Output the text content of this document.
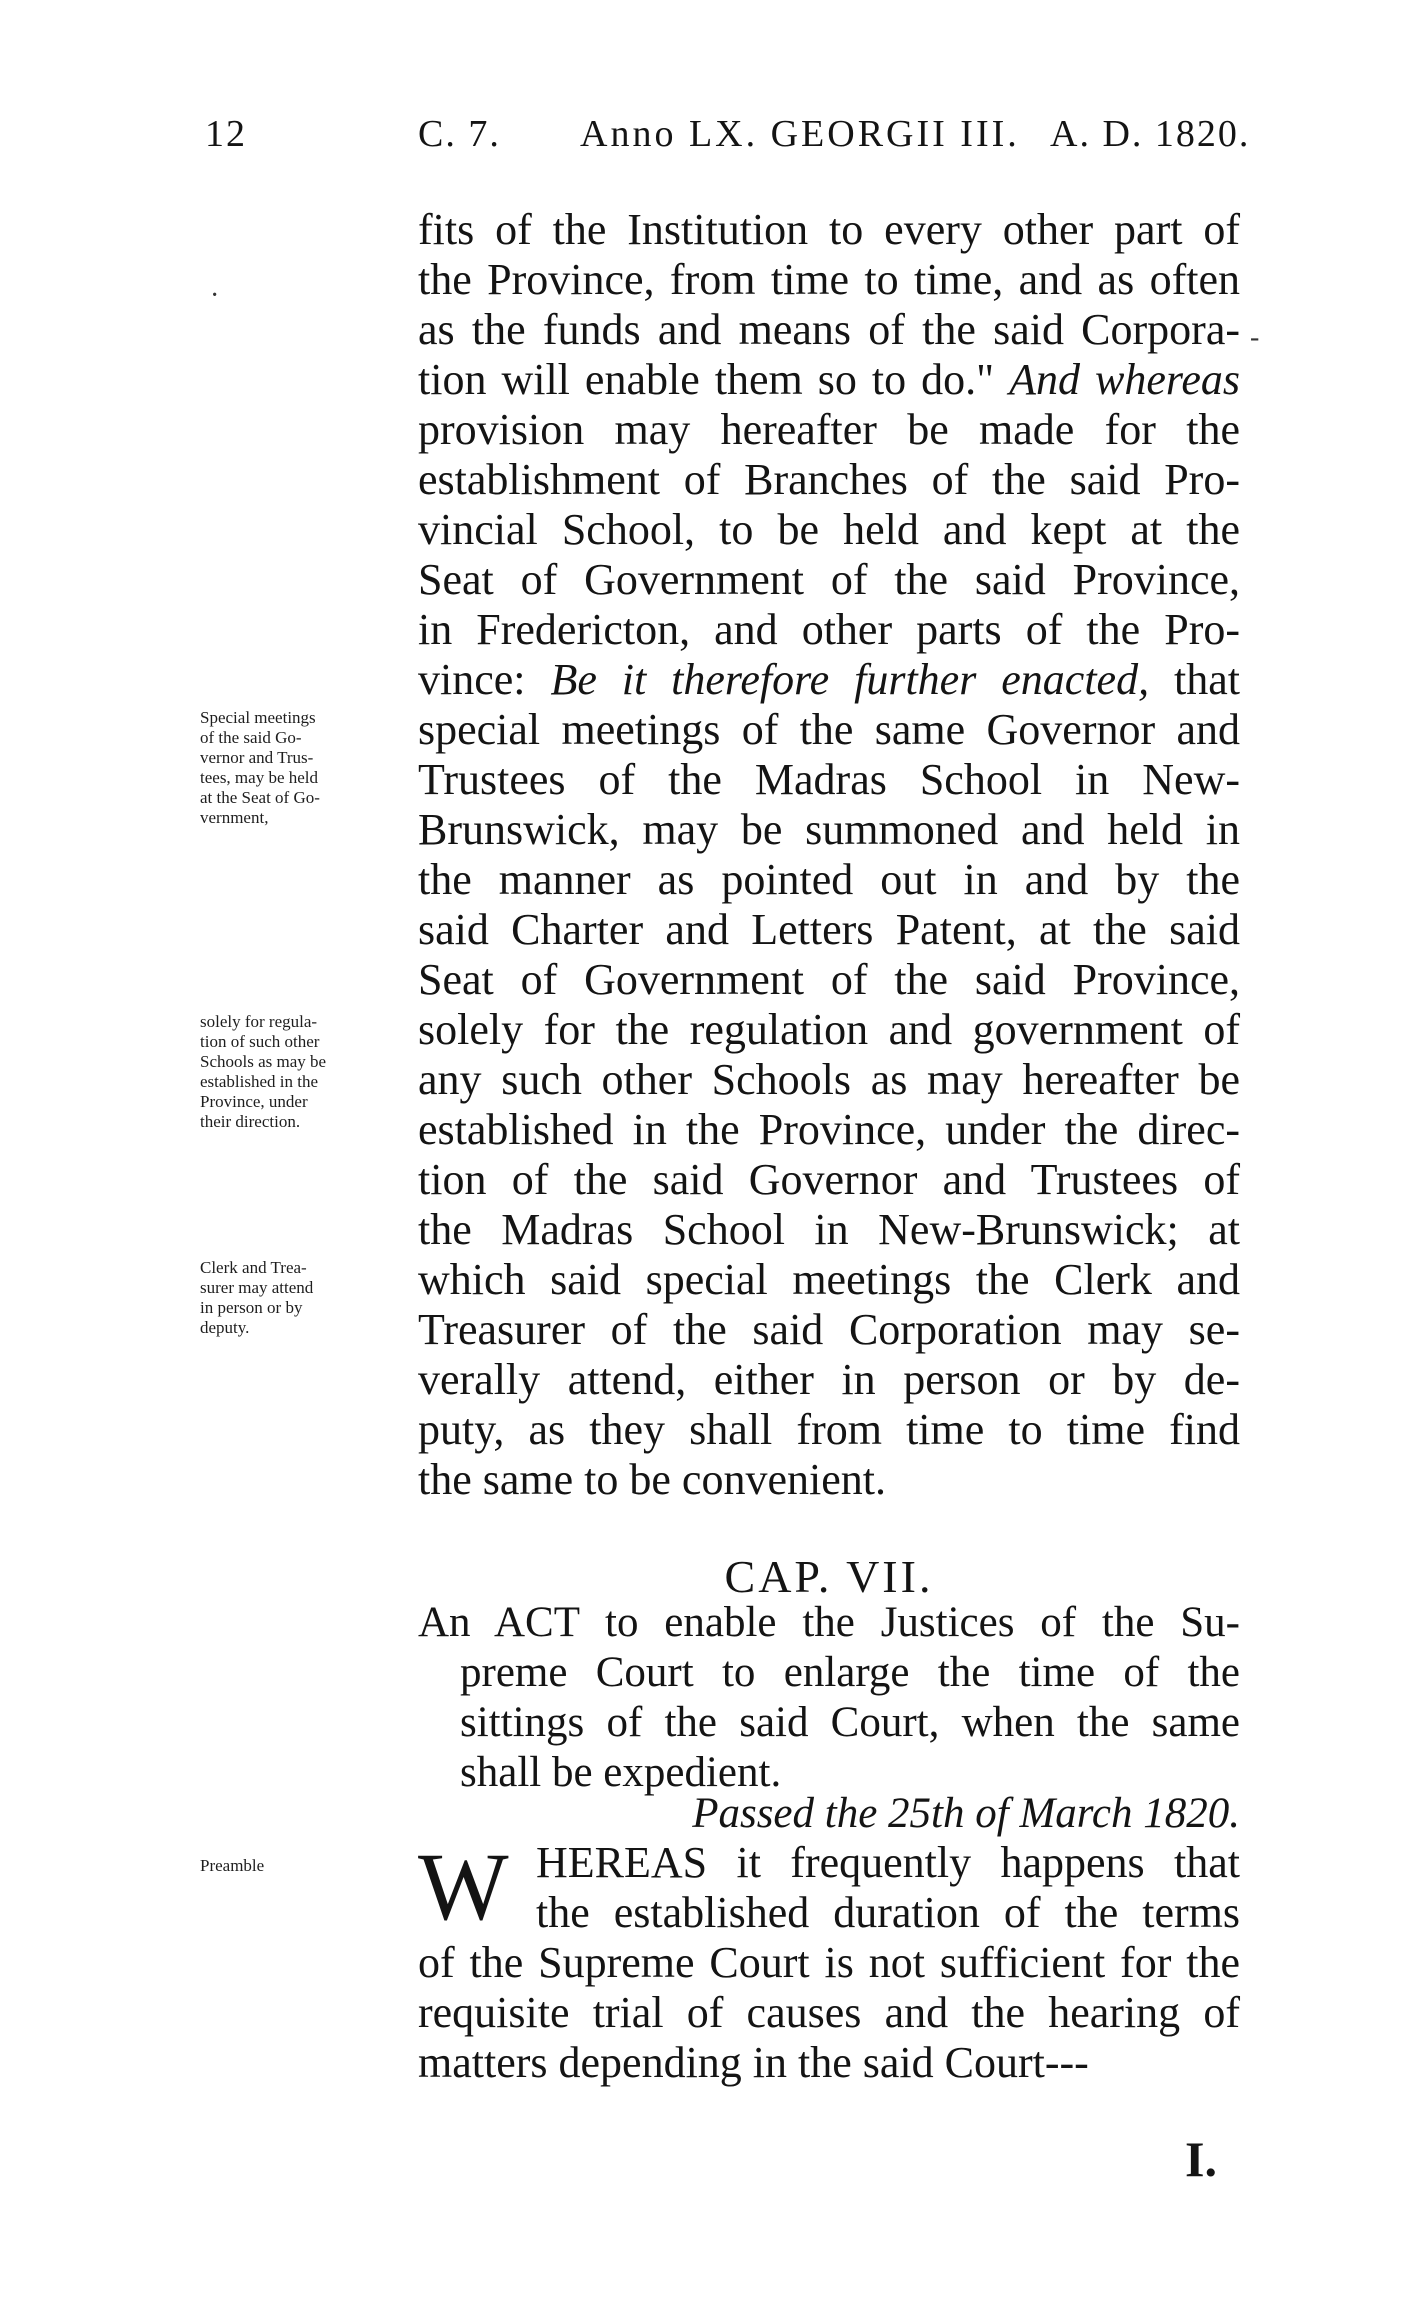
12	C. 7. Anno LX. GEORGII III. A. D. 1820.
·
-
fits of the Institution to every other part of
the Province, from time to time, and as often
as the funds and means of the said Corpora-
tion will enable them so to do." And whereas
provision may hereafter be made for the
establishment of Branches of the said Pro-
vincial School, to be held and kept at the
Seat of Government of the said Province,
in Fredericton, and other parts of the Pro-
vince: Be it therefore further enacted, that
special meetings of the same Governor and
Trustees of the Madras School in New-
Brunswick, may be summoned and held in
the manner as pointed out in and by the
said Charter and Letters Patent, at the said
Seat of Government of the said Province,
solely for the regulation and government of
any such other Schools as may hereafter be
established in the Province, under the direc-
tion of the said Governor and Trustees of
the Madras School in New-Brunswick; at
which said special meetings the Clerk and
Treasurer of the said Corporation may se-
verally attend, either in person or by de-
puty, as they shall from time to time find
the same to be convenient.
Special meetings
of the said Go-
vernor and Trus-
tees, may be held
at the Seat of Go-
vernment,
solely for regula-
tion of such other
Schools as may be
established in the
Province, under
their direction.
Clerk and Trea-
surer may attend
in person or by
deputy.
Preamble
CAP. VII.
An ACT to enable the Justices of the Su-
preme Court to enlarge the time of the
sittings of the said Court, when the same
shall be expedient.
Passed the 25th of March 1820.
W HEREAS it frequently happens that
the established duration of the terms
of the Supreme Court is not sufficient for the
requisite trial of causes and the hearing of
matters depending in the said Court---
I.
